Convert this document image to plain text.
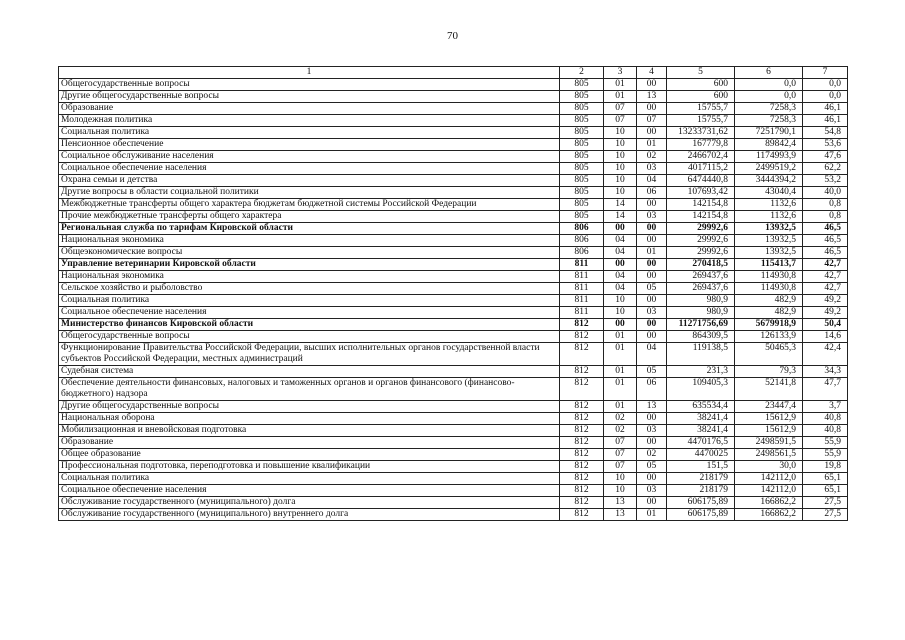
70
1	2	3	4	5	6	7
Общегосударственные вопросы	805	01	00	600	0,0	0,0
Другие общегосударственные вопросы	805	01	13	600	0,0	0,0
Образование	805	07	00	15755,7	7258,3	46,1
Молодежная политика	805	07	07	15755,7	7258,3	46,1
Социальная политика	805	10	00	13233731,62	7251790,1	54,8
Пенсионное обеспечение	805	10	01	167779,8	89842,4	53,6
Социальное обслуживание населения	805	10	02	2466702,4	1174993,9	47,6
Социальное обеспечение населения	805	10	03	4017115,2	2499519,2	62,2
Охрана семьи и детства	805	10	04	6474440,8	3444394,2	53,2
Другие вопросы в области социальной политики	805	10	06	107693,42	43040,4	40,0
Межбюджетные трансферты общего характера бюджетам бюджетной системы Российской Федерации	805	14	00	142154,8	1132,6	0,8
Прочие межбюджетные трансферты общего характера	805	14	03	142154,8	1132,6	0,8
Региональная служба по тарифам Кировской области	806	00	00	29992,6	13932,5	46,5
Национальная экономика	806	04	00	29992,6	13932,5	46,5
Общеэкономические вопросы	806	04	01	29992,6	13932,5	46,5
Управление ветеринарии Кировской области	811	00	00	270418,5	115413,7	42,7
Национальная экономика	811	04	00	269437,6	114930,8	42,7
Сельское хозяйство и рыболовство	811	04	05	269437,6	114930,8	42,7
Социальная политика	811	10	00	980,9	482,9	49,2
Социальное обеспечение населения	811	10	03	980,9	482,9	49,2
Министерство финансов Кировской области	812	00	00	11271756,69	5679918,9	50,4
Общегосударственные вопросы	812	01	00	864309,5	126133,9	14,6
Функционирование Правительства Российской Федерации, высших исполнительных органов государственной власти субъектов Российской Федерации, местных администраций	812	01	04	119138,5	50465,3	42,4
Судебная система	812	01	05	231,3	79,3	34,3
Обеспечение деятельности финансовых, налоговых и таможенных органов и органов финансового (финансово-бюджетного) надзора	812	01	06	109405,3	52141,8	47,7
Другие общегосударственные вопросы	812	01	13	635534,4	23447,4	3,7
Национальная оборона	812	02	00	38241,4	15612,9	40,8
Мобилизационная и вневойсковая подготовка	812	02	03	38241,4	15612,9	40,8
Образование	812	07	00	4470176,5	2498591,5	55,9
Общее образование	812	07	02	4470025	2498561,5	55,9
Профессиональная подготовка, переподготовка и повышение квалификации	812	07	05	151,5	30,0	19,8
Социальная политика	812	10	00	218179	142112,0	65,1
Социальное обеспечение населения	812	10	03	218179	142112,0	65,1
Обслуживание государственного (муниципального) долга	812	13	00	606175,89	166862,2	27,5
Обслуживание государственного (муниципального) внутреннего долга	812	13	01	606175,89	166862,2	27,5
